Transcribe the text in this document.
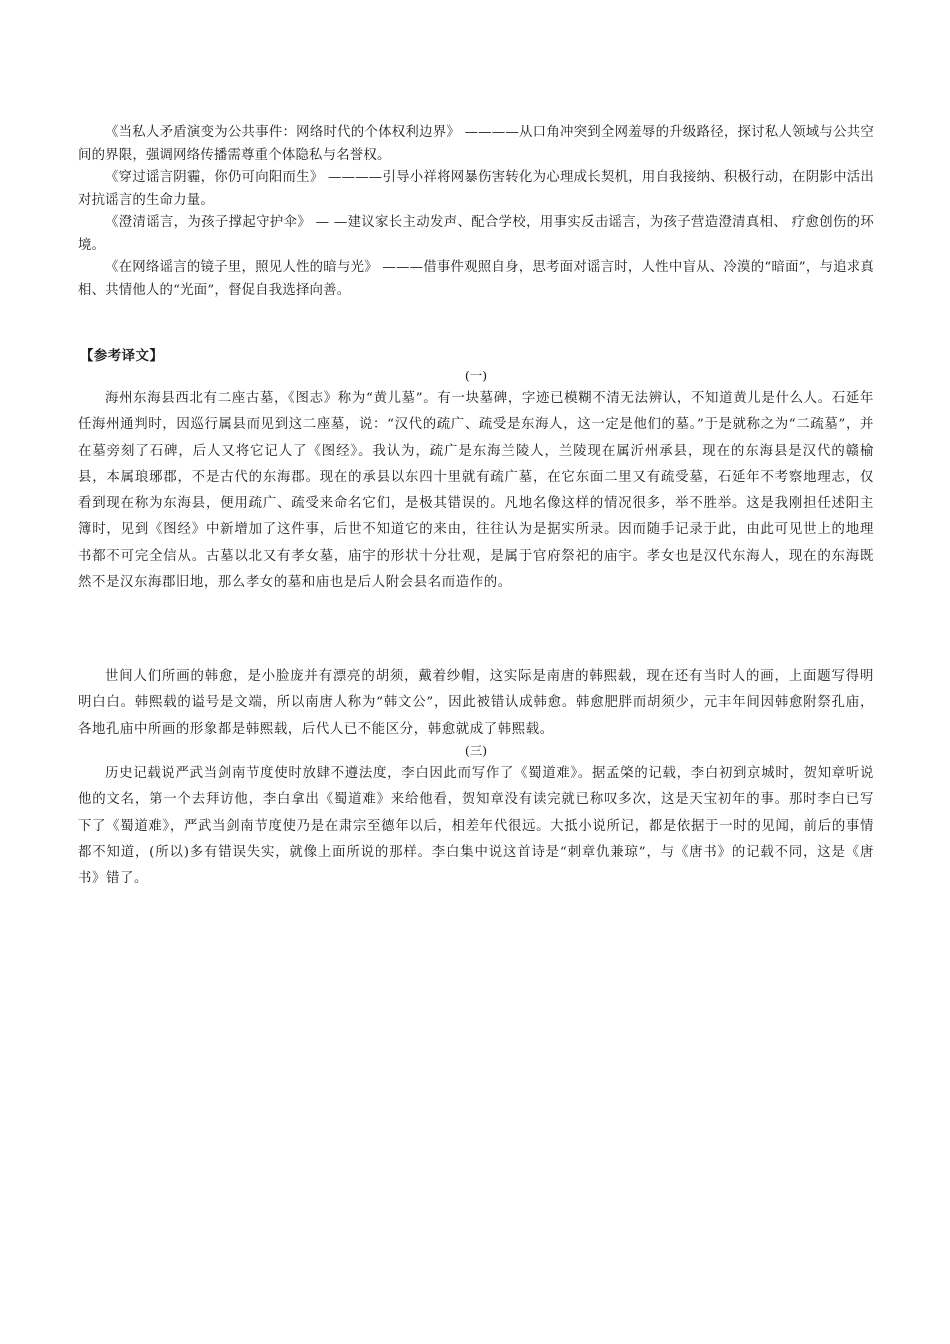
《当私人矛盾演变为公共事件：网络时代的个体权利边界》 ————从口角冲突到全网羞辱的升级路径，探讨私人领域与公共空间的界限，强调网络传播需尊重个体隐私与名誉权。

《穿过谣言阴霾，你仍可向阳而生》 ————引导小祥将网暴伤害转化为心理成长契机，用自我接纳、积极行动，在阴影中活出对抗谣言的生命力量。

《澄清谣言，为孩子撑起守护伞》 — —建议家长主动发声、配合学校，用事实反击谣言，为孩子营造澄清真相、 疗愈创伤的环境。

《在网络谣言的镜子里，照见人性的暗与光》 ———借事件观照自身，思考面对谣言时，人性中盲从、冷漠的“暗面”，与追求真相、共情他人的“光面”，督促自我选择向善。

【参考译文】

(一)

海州东海县西北有二座古墓，《图志》称为“黄儿墓”。有一块墓碑，字迹已模糊不清无法辨认，不知道黄儿是什么人。石延年任海州通判时，因巡行属县而见到这二座墓，说：“汉代的疏广、疏受是东海人，这一定是他们的墓。”于是就称之为“二疏墓”，并在墓旁刻了石碑，后人又将它记人了《图经》。我认为，疏广是东海兰陵人，兰陵现在属沂州承县，现在的东海县是汉代的赣榆县，本属琅琊郡，不是古代的东海郡。现在的承县以东四十里就有疏广墓，在它东面二里又有疏受墓，石延年不考察地理志，仅看到现在称为东海县，便用疏广、疏受来命名它们，是极其错误的。凡地名像这样的情况很多，举不胜举。这是我刚担任述阳主簿时，见到《图经》中新增加了这件事，后世不知道它的来由，往往认为是据实所录。因而随手记录于此，由此可见世上的地理书都不可完全信从。古墓以北又有孝女墓，庙宇的形状十分壮观，是属于官府祭祀的庙宇。孝女也是汉代东海人，现在的东海既然不是汉东海郡旧地，那么孝女的墓和庙也是后人附会县名而造作的。

世间人们所画的韩愈，是小脸庞并有漂亮的胡须，戴着纱帽，这实际是南唐的韩熙载，现在还有当时人的画，上面题写得明明白白。韩熙载的谥号是文端，所以南唐人称为“韩文公”，因此被错认成韩愈。韩愈肥胖而胡须少，元丰年间因韩愈附祭孔庙，各地孔庙中所画的形象都是韩熙载，后代人已不能区分，韩愈就成了韩熙载。

(三)

历史记载说严武当剑南节度使时放肆不遵法度，李白因此而写作了《蜀道难》。据孟棨的记载，李白初到京城时，贺知章听说他的文名，第一个去拜访他，李白拿出《蜀道难》来给他看，贺知章没有读完就已称叹多次，这是天宝初年的事。那时李白已写下了《蜀道难》，严武当剑南节度使乃是在肃宗至德年以后，相差年代很远。大抵小说所记，都是依据于一时的见闻，前后的事情都不知道，(所以)多有错误失实，就像上面所说的那样。李白集中说这首诗是“刺章仇兼琼”，与《唐书》的记载不同，这是《唐书》错了。
